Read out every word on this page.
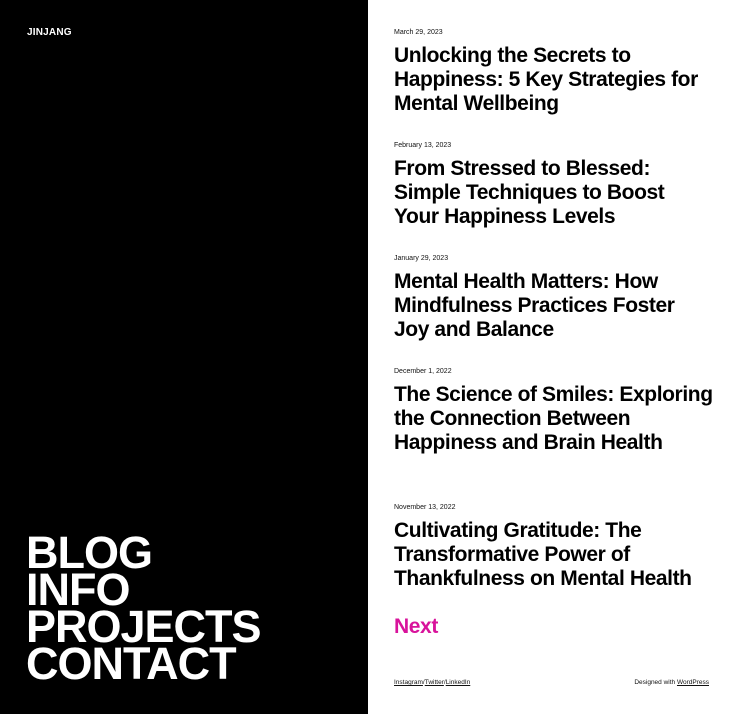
JINJANG
BLOG
INFO
PROJECTS
CONTACT
March 29, 2023
Unlocking the Secrets to Happiness: 5 Key Strategies for Mental Wellbeing
February 13, 2023
From Stressed to Blessed: Simple Techniques to Boost Your Happiness Levels
January 29, 2023
Mental Health Matters: How Mindfulness Practices Foster Joy and Balance
December 1, 2022
The Science of Smiles: Exploring the Connection Between Happiness and Brain Health
November 13, 2022
Cultivating Gratitude: The Transformative Power of Thankfulness on Mental Health
Next
Instagram/Twitter/LinkedIn	Designed with WordPress
